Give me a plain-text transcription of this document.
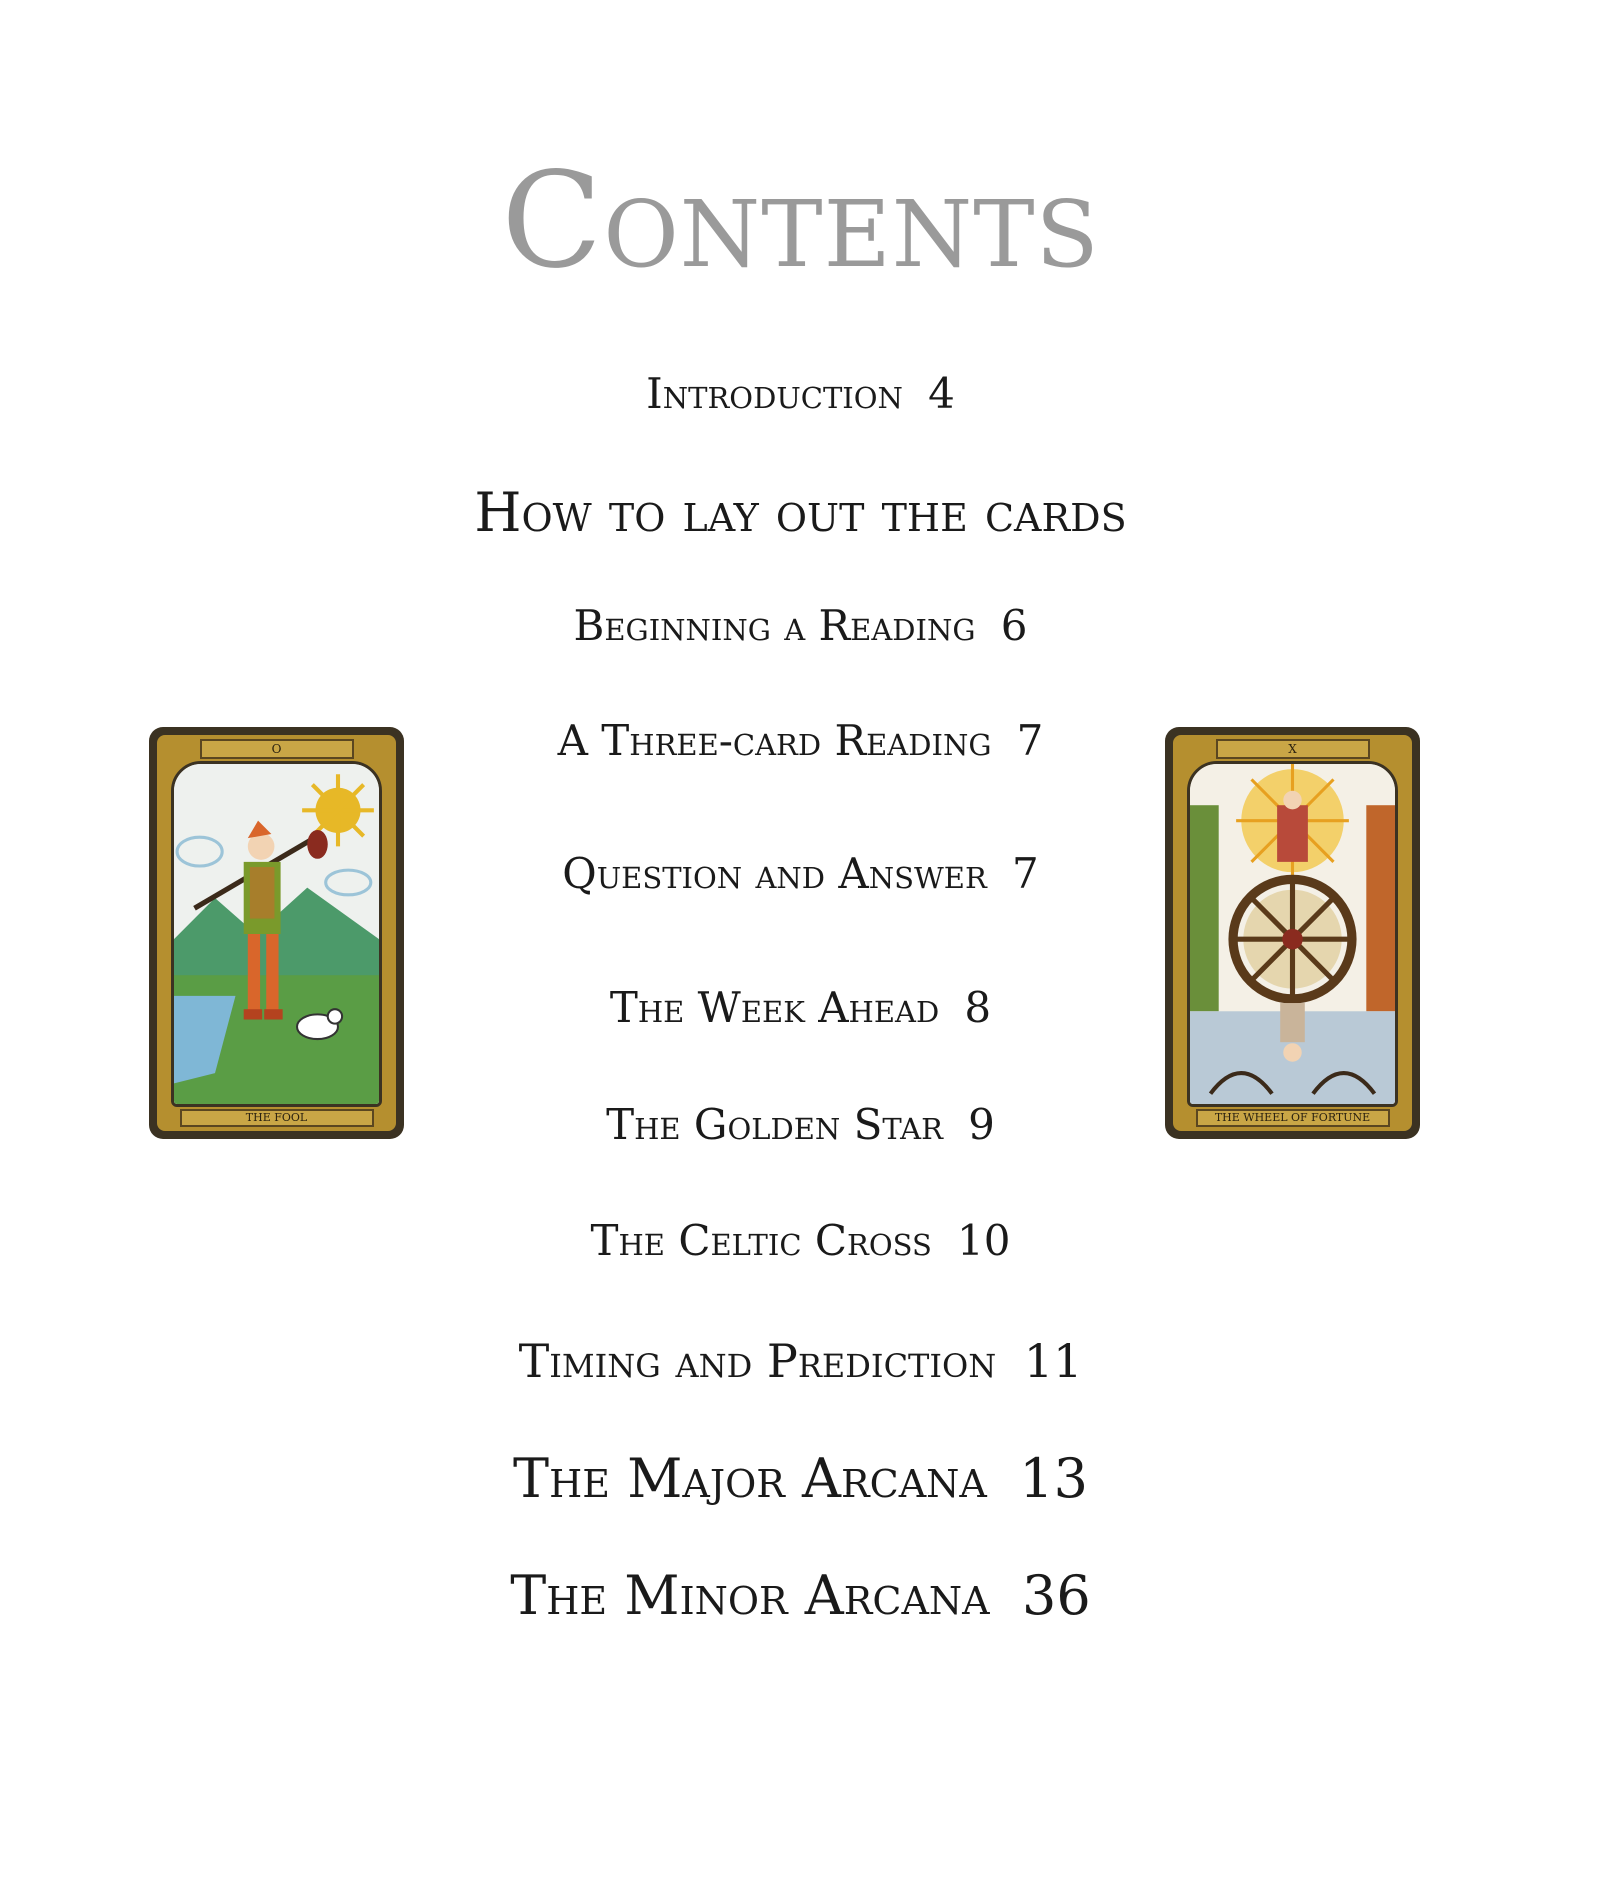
Contents
Introduction 4
How to lay out the cards
Beginning a Reading 6
A Three-card Reading 7
Question and Answer 7
The Week Ahead 8
The Golden Star 9
The Celtic Cross 10
Timing and Prediction 11
The Major Arcana 13
The Minor Arcana 36
O
THE FOOL
X
THE WHEEL OF FORTUNE
